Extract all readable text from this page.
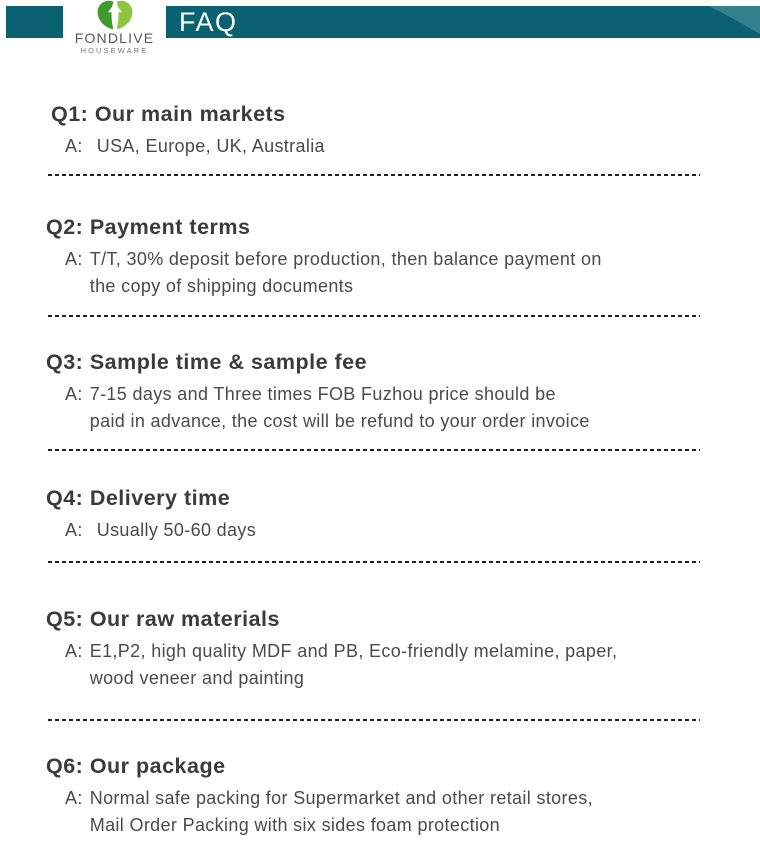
FAQ
FONDLIVE
HOUSEWARE
Q1: Our main markets
A: USA, Europe, UK, Australia
Q2: Payment terms
A: T/T, 30% deposit before production, then balance payment on
the copy of shipping documents
Q3: Sample time & sample fee
A: 7-15 days and Three times FOB Fuzhou price should be
paid in advance, the cost will be refund to your order invoice
Q4: Delivery time
A: Usually 50-60 days
Q5: Our raw materials
A: E1,P2, high quality MDF and PB, Eco-friendly melamine, paper,
wood veneer and painting
Q6: Our package
A: Normal safe packing for Supermarket and other retail stores,
Mail Order Packing with six sides foam protection
